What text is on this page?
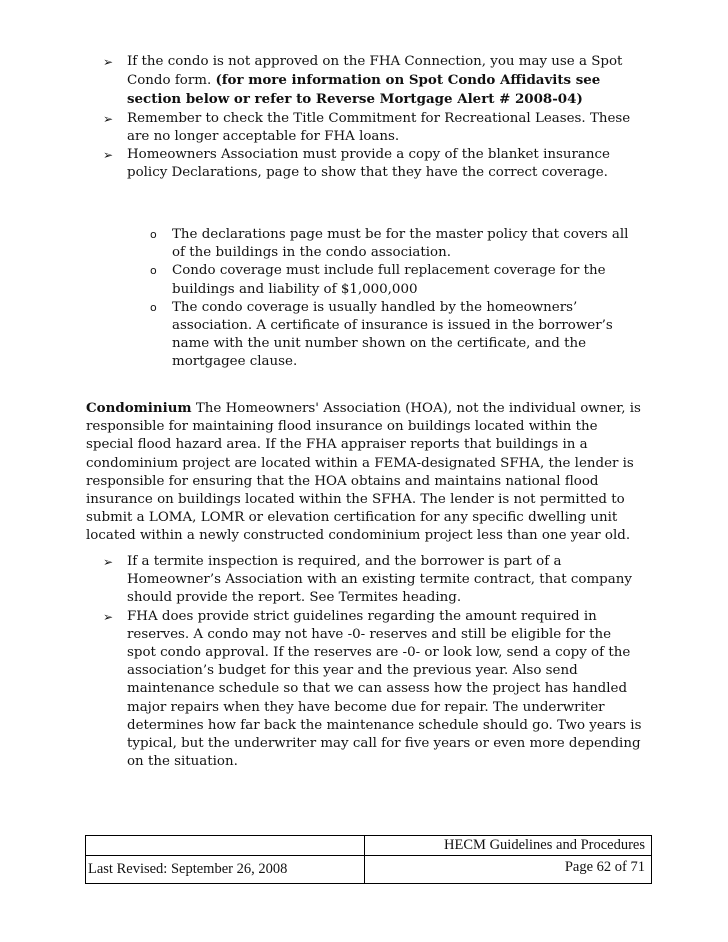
➢ If the condo is not approved on the FHA Connection, you may use a Spot Condo form. (for more information on Spot Condo Affidavits see section below or refer to Reverse Mortgage Alert # 2008-04)
➢ Remember to check the Title Commitment for Recreational Leases. These are no longer acceptable for FHA loans.
➢ Homeowners Association must provide a copy of the blanket insurance policy Declarations, page to show that they have the correct coverage.
o The declarations page must be for the master policy that covers all of the buildings in the condo association.
o Condo coverage must include full replacement coverage for the buildings and liability of $1,000,000
o The condo coverage is usually handled by the homeowners’ association. A certificate of insurance is issued in the borrower’s name with the unit number shown on the certificate, and the mortgagee clause.

Condominium The Homeowners' Association (HOA), not the individual owner, is responsible for maintaining flood insurance on buildings located within the special flood hazard area. If the FHA appraiser reports that buildings in a condominium project are located within a FEMA-designated SFHA, the lender is responsible for ensuring that the HOA obtains and maintains national flood insurance on buildings located within the SFHA. The lender is not permitted to submit a LOMA, LOMR or elevation certification for any specific dwelling unit located within a newly constructed condominium project less than one year old.

➢ If a termite inspection is required, and the borrower is part of a Homeowner’s Association with an existing termite contract, that company should provide the report. See Termites heading.
➢ FHA does provide strict guidelines regarding the amount required in reserves. A condo may not have -0- reserves and still be eligible for the spot condo approval. If the reserves are -0- or look low, send a copy of the association’s budget for this year and the previous year. Also send maintenance schedule so that we can assess how the project has handled major repairs when they have become due for repair. The underwriter determines how far back the maintenance schedule should go. Two years is typical, but the underwriter may call for five years or even more depending on the situation.
HECM Guidelines and Procedures
Last Revised: September 26, 2008	Page 62 of 71
